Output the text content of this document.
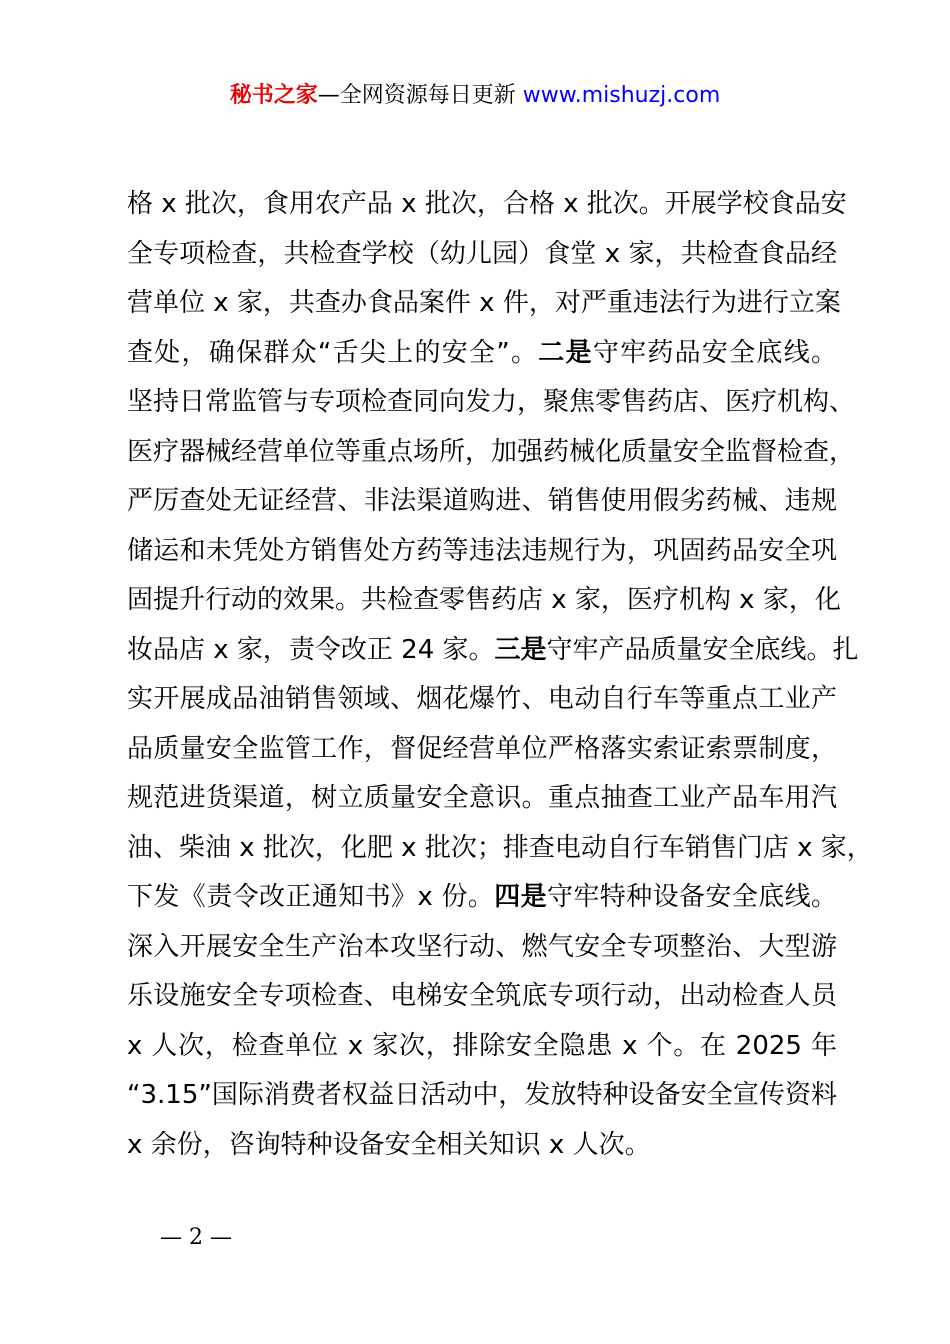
秘书之家—全网资源每日更新 www.mishuzj.com
格 x 批次，食用农产品 x 批次，合格 x 批次。开展学校食品安
全专项检查，共检查学校（幼儿园）食堂 x 家，共检查食品经
营单位 x 家，共查办食品案件 x 件，对严重违法行为进行立案
查处，确保群众“舌尖上的安全”。二是守牢药品安全底线。
坚持日常监管与专项检查同向发力，聚焦零售药店、医疗机构、
医疗器械经营单位等重点场所，加强药械化质量安全监督检查，
严厉查处无证经营、非法渠道购进、销售使用假劣药械、违规
储运和未凭处方销售处方药等违法违规行为，巩固药品安全巩
固提升行动的效果。共检查零售药店 x 家，医疗机构 x 家，化
妆品店 x 家，责令改正 24 家。三是守牢产品质量安全底线。扎
实开展成品油销售领域、烟花爆竹、电动自行车等重点工业产
品质量安全监管工作，督促经营单位严格落实索证索票制度，
规范进货渠道，树立质量安全意识。重点抽查工业产品车用汽
油、柴油 x 批次，化肥 x 批次；排查电动自行车销售门店 x 家，
下发《责令改正通知书》x 份。四是守牢特种设备安全底线。
深入开展安全生产治本攻坚行动、燃气安全专项整治、大型游
乐设施安全专项检查、电梯安全筑底专项行动，出动检查人员
x 人次，检查单位 x 家次，排除安全隐患 x 个。在 2025 年
“3.15”国际消费者权益日活动中，发放特种设备安全宣传资料
x 余份，咨询特种设备安全相关知识 x 人次。
— 2 —
